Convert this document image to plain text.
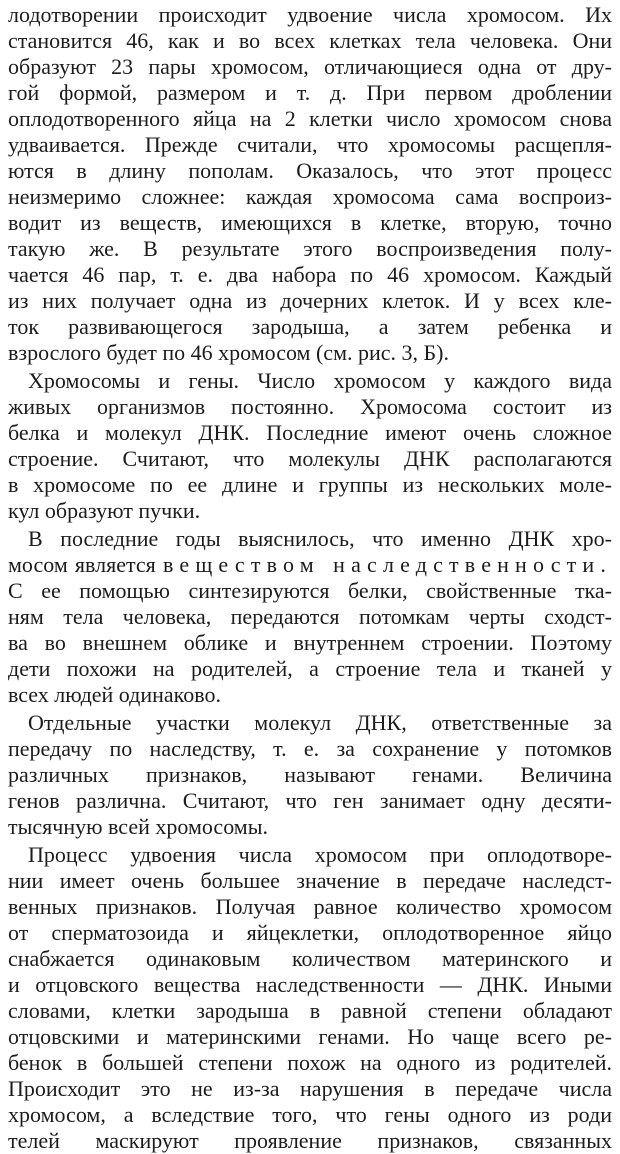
лодотворении происходит удвоение числа хромосом. Их
становится 46, как и во всех клетках тела человека. Они
образуют 23 пары хромосом, отличающиеся одна от дру-
гой формой, размером и т. д. При первом дроблении
оплодотворенного яйца на 2 клетки число хромосом снова
удваивается. Прежде считали, что хромосомы расщепля-
ются в длину пополам. Оказалось, что этот процесс
неизмеримо сложнее: каждая хромосома сама воспроиз-
водит из веществ, имеющихся в клетке, вторую, точно
такую же. В результате этого воспроизведения полу-
чается 46 пар, т. е. два набора по 46 хромосом. Каждый
из них получает одна из дочерних клеток. И у всех кле-
ток развивающегося зародыша, а затем ребенка и
взрослого будет по 46 хромосом (см. рис. 3, Б).
Хромосомы и гены. Число хромосом у каждого вида
живых организмов постоянно. Хромосома состоит из
белка и молекул ДНК. Последние имеют очень сложное
строение. Считают, что молекулы ДНК располагаются
в хромосоме по ее длине и группы из нескольких моле-
кул образуют пучки.
В последние годы выяснилось, что именно ДНК хро-
мосом является веществом наследственности.
С ее помощью синтезируются белки, свойственные тка-
ням тела человека, передаются потомкам черты сходст-
ва во внешнем облике и внутреннем строении. Поэтому
дети похожи на родителей, а строение тела и тканей у
всех людей одинаково.
Отдельные участки молекул ДНК, ответственные за
передачу по наследству, т. е. за сохранение у потомков
различных признаков, называют генами. Величина
генов различна. Считают, что ген занимает одну десяти-
тысячную всей хромосомы.
Процесс удвоения числа хромосом при оплодотворе-
нии имеет очень большее значение в передаче наследст-
венных признаков. Получая равное количество хромосом
от сперматозоида и яйцеклетки, оплодотворенное яйцо
снабжается одинаковым количеством материнского и
и отцовского вещества наследственности — ДНК. Иными
словами, клетки зародыша в равной степени обладают
отцовскими и материнскими генами. Но чаще всего ре-
бенок в большей степени похож на одного из родителей.
Происходит это не из-за нарушения в передаче числа
хромосом, а вследствие того, что гены одного из роди
телей маскируют проявление признаков, связанных
